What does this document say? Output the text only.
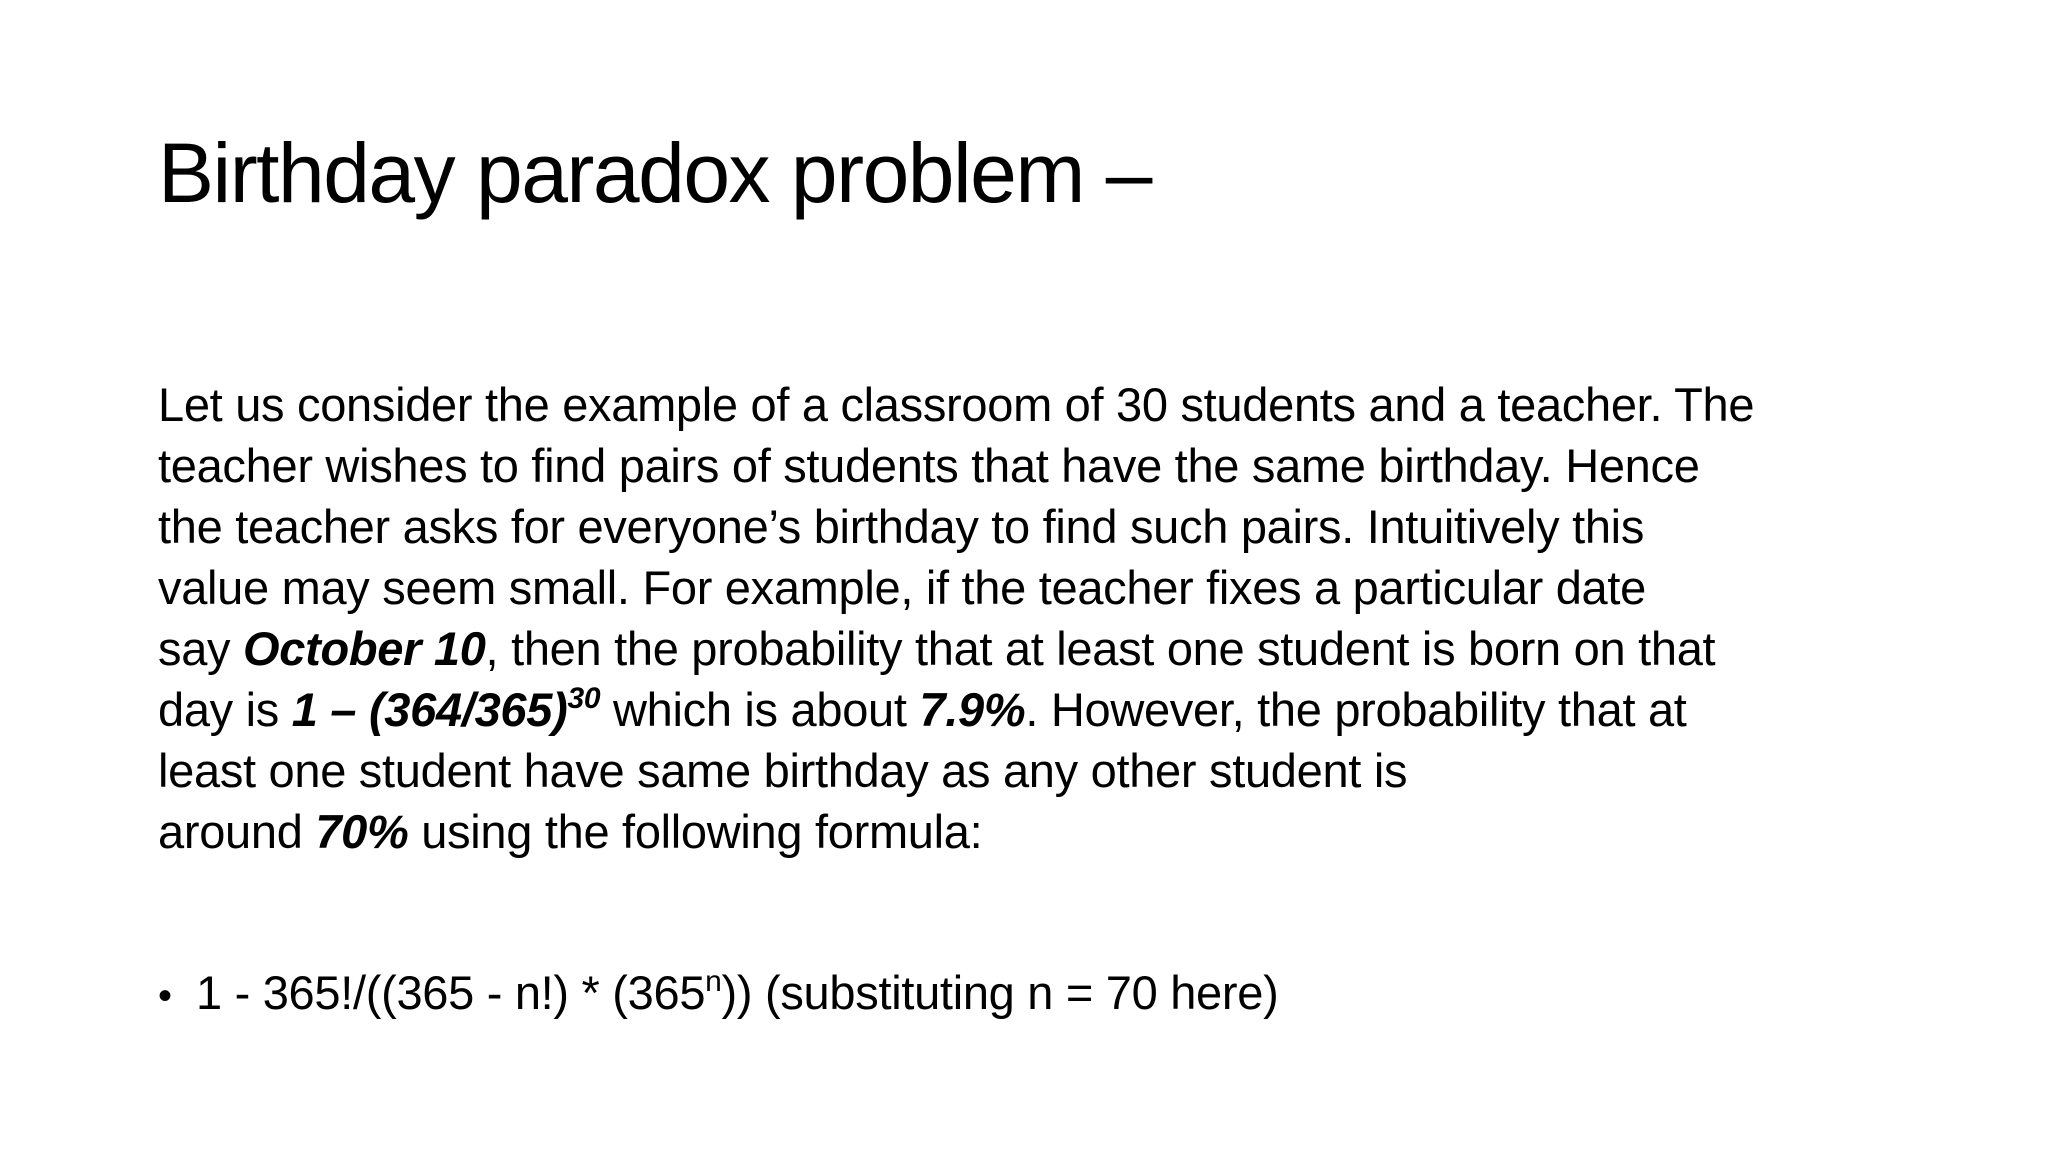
Birthday paradox problem –
Let us consider the example of a classroom of 30 students and a teacher. The
teacher wishes to find pairs of students that have the same birthday. Hence
the teacher asks for everyone’s birthday to find such pairs. Intuitively this
value may seem small. For example, if the teacher fixes a particular date
say October 10, then the probability that at least one student is born on that
day is $1 - (364/365)^{30}$ which is about 7.9%. However, the probability that at
least one student have same birthday as any other student is
around 70% using the following formula:
• 1 - 365!/((365 - n!) * (365$^n$)) (substituting n = 70 here)
